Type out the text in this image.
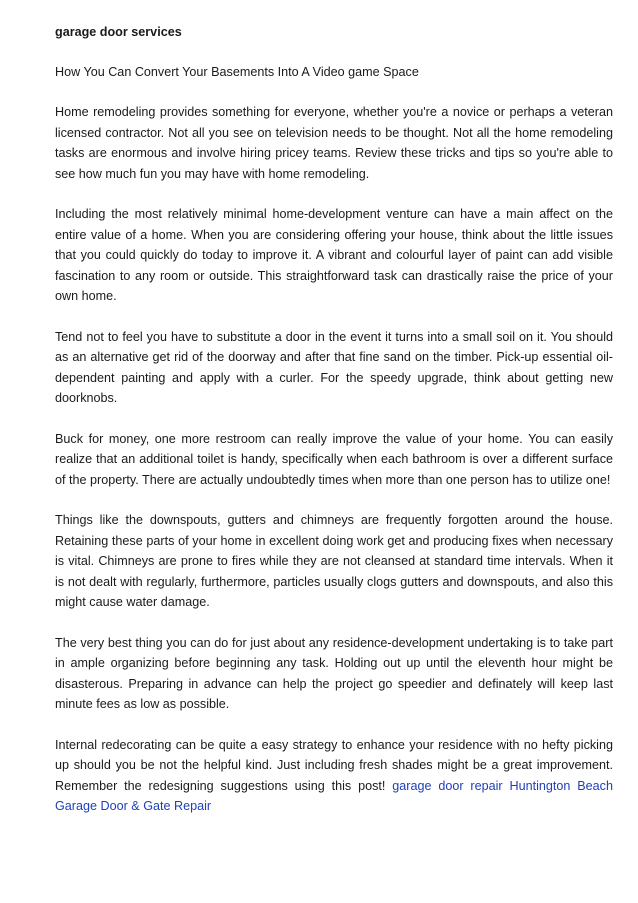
garage door services
How You Can Convert Your Basements Into A Video game Space

Home remodeling provides something for everyone, whether you're a novice or perhaps a veteran licensed contractor. Not all you see on television needs to be thought. Not all the home remodeling tasks are enormous and involve hiring pricey teams. Review these tricks and tips so you're able to see how much fun you may have with home remodeling.

Including the most relatively minimal home-development venture can have a main affect on the entire value of a home. When you are considering offering your house, think about the little issues that you could quickly do today to improve it. A vibrant and colourful layer of paint can add visible fascination to any room or outside. This straightforward task can drastically raise the price of your own home.

Tend not to feel you have to substitute a door in the event it turns into a small soil on it. You should as an alternative get rid of the doorway and after that fine sand on the timber. Pick-up essential oil-dependent painting and apply with a curler. For the speedy upgrade, think about getting new doorknobs.

Buck for money, one more restroom can really improve the value of your home. You can easily realize that an additional toilet is handy, specifically when each bathroom is over a different surface of the property. There are actually undoubtedly times when more than one person has to utilize one!

Things like the downspouts, gutters and chimneys are frequently forgotten around the house. Retaining these parts of your home in excellent doing work get and producing fixes when necessary is vital. Chimneys are prone to fires while they are not cleansed at standard time intervals. When it is not dealt with regularly, furthermore, particles usually clogs gutters and downspouts, and also this might cause water damage.

The very best thing you can do for just about any residence-development undertaking is to take part in ample organizing before beginning any task. Holding out up until the eleventh hour might be disasterous. Preparing in advance can help the project go speedier and definately will keep last minute fees as low as possible.

Internal redecorating can be quite a easy strategy to enhance your residence with no hefty picking up should you be not the helpful kind. Just including fresh shades might be a great improvement. Remember the redesigning suggestions using this post! garage door repair Huntington Beach Garage Door & Gate Repair
